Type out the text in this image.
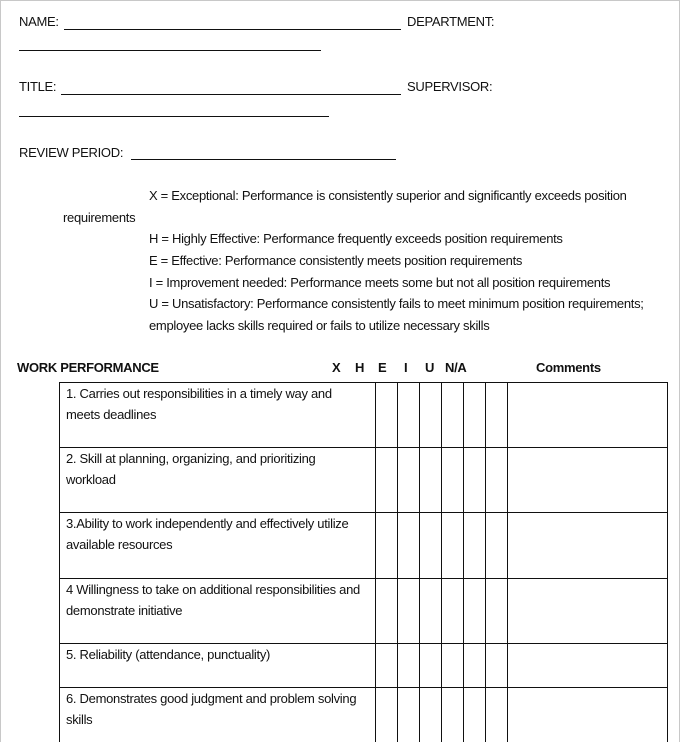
NAME:	DEPARTMENT:
TITLE:	SUPERVISOR:
REVIEW PERIOD:
X = Exceptional: Performance is consistently superior and significantly exceeds position
requirements
H = Highly Effective: Performance frequently exceeds position requirements
E = Effective: Performance consistently meets position requirements
I = Improvement needed: Performance meets some but not all position requirements
U = Unsatisfactory: Performance consistently fails to meet minimum position requirements;
employee lacks skills required or fails to utilize necessary skills
WORK PERFORMANCE	X H E I U N/A	Comments
1. Carries out responsibilities in a timely way and
meets deadlines							

2. Skill at planning, organizing, and prioritizing
workload							

3.Ability to work independently and effectively utilize
available resources							

4 Willingness to take on additional responsibilities and
demonstrate initiative							

5. Reliability (attendance, punctuality)							

6. Demonstrates good judgment and problem solving
skills							
